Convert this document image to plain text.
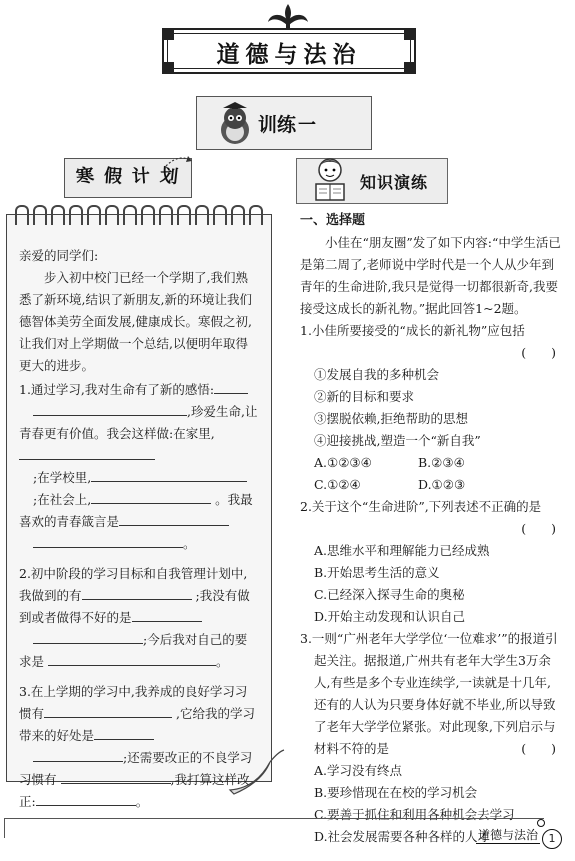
道德与法治
训练 一
寒 假 计 划	知识演练
亲爱的同学们:
步入初中校门已经一个学期了,我们熟悉了新环境,结识了新朋友,新的环境让我们德智体美劳全面发展,健康成长。寒假之初,让我们对上学期做一个总结,以便明年取得更大的进步。
1.通过学习,我对生命有了新的感悟:
,珍爱生命,让青春更有价值。我会这样做:在家里,
;在学校里,
;在社会上,	。我最喜欢的青春箴言是
。
2.初中阶段的学习目标和自我管理计划中,我做到的有	;我没有做到或者做得不好的是
;今后我对自己的要求是	。
3.在上学期的学习中,我养成的良好学习习惯有	,它给我的学习带来的好处是
;还需要改正的不良学习习惯有	,我打算这样改正:	。
一、选择题
小佳在“朋友圈”发了如下内容:“中学生活已是第二周了,老师说中学时代是一个人从少年到青年的生命进阶,我只是觉得一切都很新奇,我要接受这成长的新礼物。”据此回答1~2题。
1.小佳所要接受的“成长的新礼物”应包括
(　　)
①发展自我的多种机会
②新的目标和要求
③摆脱依赖,拒绝帮助的思想
④迎接挑战,塑造一个“新自我”
A.①②③④	B.②③④
C.①②④	D.①②③
2.关于这个“生命进阶”,下列表述不正确的是
(　　)
A.思维水平和理解能力已经成熟
B.开始思考生活的意义
C.已经深入探寻生命的奥秘
D.开始主动发现和认识自己
3.一则“广州老年大学学位‘一位难求’”的报道引起关注。据报道,广州共有老年大学生3万余人,有些是多个专业连续学,一读就是十几年,还有的人认为只要身体好就不毕业,所以导致了老年大学学位紧张。对此现象,下列启示与材料不符的是	(　　)
A.学习没有终点
B.要珍惜现在在校的学习机会
C.要善于抓住和利用各种机会去学习
D.社会发展需要各种各样的人才
道德与法治 1
